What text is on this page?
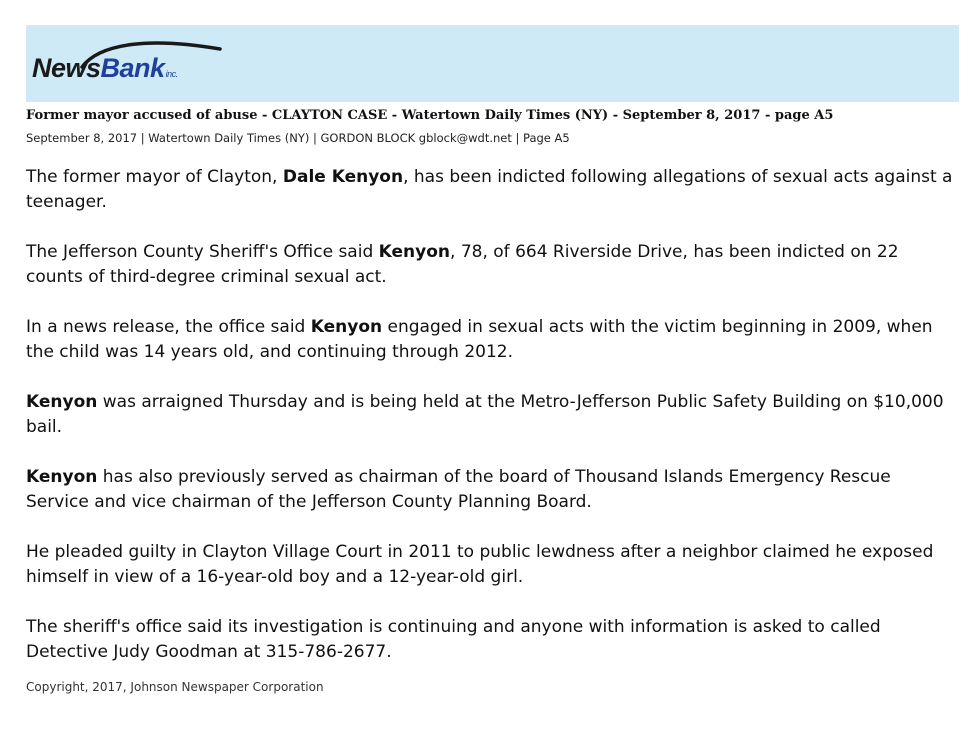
NewsBankinc.
Former mayor accused of abuse - CLAYTON CASE - Watertown Daily Times (NY) - September 8, 2017 - page A5
September 8, 2017 | Watertown Daily Times (NY) | GORDON BLOCK gblock@wdt.net | Page A5

The former mayor of Clayton, Dale Kenyon, has been indicted following allegations of sexual acts against a teenager.

The Jefferson County Sheriff's Office said Kenyon, 78, of 664 Riverside Drive, has been indicted on 22 counts of third-degree criminal sexual act.

In a news release, the office said Kenyon engaged in sexual acts with the victim beginning in 2009, when the child was 14 years old, and continuing through 2012.

Kenyon was arraigned Thursday and is being held at the Metro-Jefferson Public Safety Building on $10,000 bail.

Kenyon has also previously served as chairman of the board of Thousand Islands Emergency Rescue Service and vice chairman of the Jefferson County Planning Board.

He pleaded guilty in Clayton Village Court in 2011 to public lewdness after a neighbor claimed he exposed himself in view of a 16-year-old boy and a 12-year-old girl.

The sheriff's office said its investigation is continuing and anyone with information is asked to called Detective Judy Goodman at 315-786-2677.

Copyright, 2017, Johnson Newspaper Corporation
